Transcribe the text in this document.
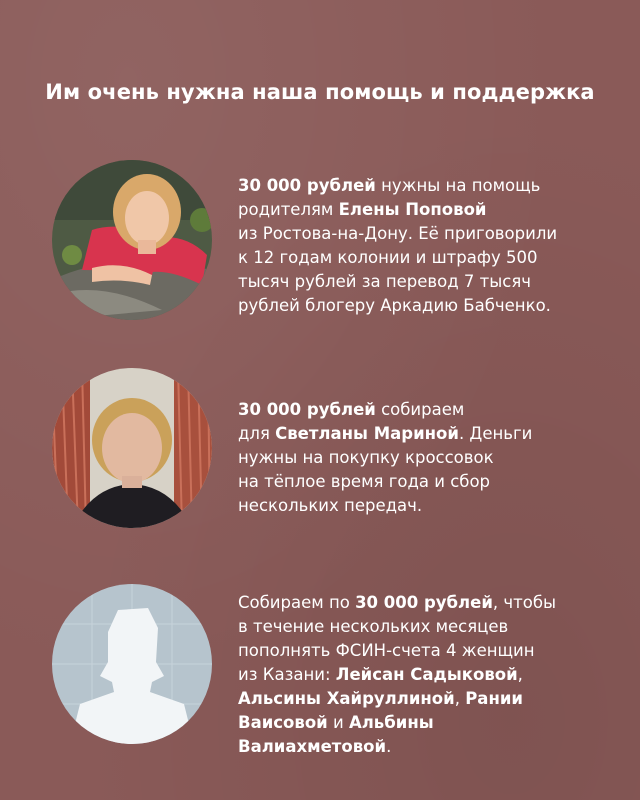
Им очень нужна наша помощь и поддержка
30 000 рублей нужны на помощь
родителям Елены Поповой
из Ростова-на-Дону. Её приговорили
к 12 годам колонии и штрафу 500
тысяч рублей за перевод 7 тысяч
рублей блогеру Аркадию Бабченко.
30 000 рублей собираем
для Светланы Мариной. Деньги
нужны на покупку кроссовок
на тёплое время года и сбор
нескольких передач.
Собираем по 30 000 рублей, чтобы
в течение нескольких месяцев
пополнять ФСИН-счета 4 женщин
из Казани: Лейсан Садыковой,
Альсины Хайруллиной, Рании
Ваисовой и Альбины
Валиахметовой.
